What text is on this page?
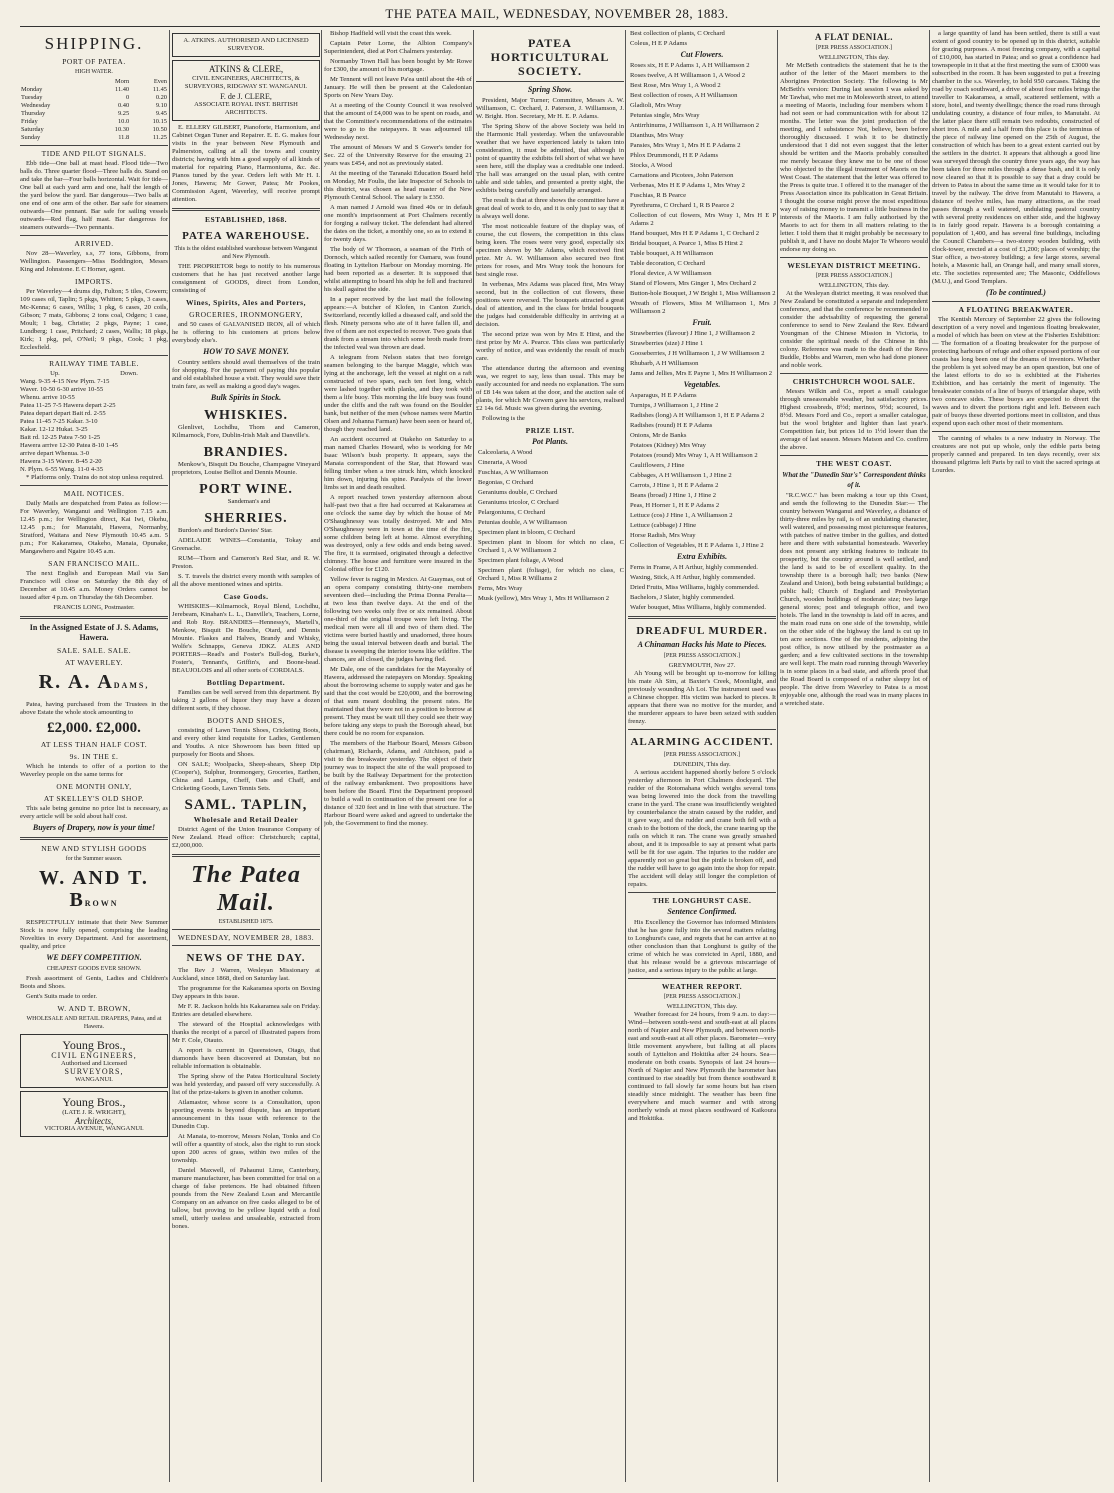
THE PATEA MAIL, WEDNESDAY, NOVEMBER 28, 1883.
SHIPPING.
PORT OF PATEA.
HIGH WATER.
	Morn	Even
Monday	11.40	11.45
Tuesday	0	0.20
Wednesday	0.40	9.10
Thursday	9.25	9.45
Friday	10.0	10.15
Saturday	10.30	10.50
Sunday	11.8	11.25
TIDE AND PILOT SIGNALS.

Ebb tide—One ball at mast head. Flood tide—Two balls do. Three quarter flood—Three balls do. Stand on and take the bar—Four balls horizontal. Wait for tide—One ball at each yard arm and one, half the length of the yard below the yard. Bar dangerous—Two balls at one end of one arm of the other. Bar safe for steamers outwards—One pennant. Bar safe for sailing vessels outwards—Red flag, half mast. Bar dangerous for steamers outwards—Two pennants.

ARRIVED.

Nov 28—Waverley, s.s, 77 tons, Gibbons, from Wellington. Passengers—Miss Boddington, Messrs King and Johnstone. E C Horner, agent.

IMPORTS.

Per Waverley—4 drums dip, Fulton; 5 tiles, Cowern; 109 cases oil, Taplin; 5 pkgs, Whitten; 5 pkgs, 3 cases, Mc-Kenna; 6 cases, Willis; 1 pkg, 6 cases, 20 coils, Gibson; 7 mats, Gibbons; 2 tons coal, Odgers; 1 case, Moult; 1 bag, Christie; 2 pkgs, Payne; 1 case, Lundberg; 1 case, Pritchard; 2 cases, Wallis; 18 pkgs, Kirk; 1 pkg, pel, O'Neil; 9 pkgs, Cook; 1 pkg, Ecclesfield.

RAILWAY TIME TABLE.
Up.	Down.
Wang. 9-35 4-15 New Plym. 7-15
Waver. 10-50 6-30 arrive 10-55
Whenu. arrive 10-55
Patea 11-25 7-5 Hawera depart 2-25
Patea depart depart Bait rd. 2-55
Patea 11-45 7-25 Kakar. 3-10
Kakar. 12-12 Hukat. 3-25
Bait rd. 12-25 Patea 7-50 1-25
Hawera arrive 12-30 Patea 8-10 1-45
arrive depart Whenua. 3-0
Hawera 3-15 Waver. 8-45 2-20
N. Plym. 6-55 Wang. 11-0 4-35

* Platforms only. Trains do not stop unless required.

MAIL NOTICES.

Daily Mails are despatched from Patea as follow:—For Waverley, Wanganui and Wellington 7.15 a.m. 12.45 p.m.; for Wellington direct, Kai Iwi, Okehu, 12.45 p.m.; for Manutahi, Hawera, Normanby, Stratford, Waitara and New Plymouth 10.45 a.m. 5 p.m.; For Kakaramea, Otakeho, Manaia, Opunake, Mangawhero and Ngaire 10.45 a.m.

SAN FRANCISCO MAIL.

The next English and European Mail via San Francisco will close on Saturday the 8th day of December at 10.45 a.m. Money Orders cannot be issued after 4 p.m. on Thursday the 6th December.

FRANCIS LONG, Postmaster.
In the Assigned Estate of J. S. Adams, Hawera.
SALE. SALE. SALE.
AT WAVERLEY.
R. A. ADAMS,

Patea, having purchased from the Trustees in the above Estate the whole stock amounting to

£2,000. £2,000.
AT LESS THAN HALF COST.
9s. IN THE £.

Which he intends to offer of a portion to the Waverley people on the same terms for

ONE MONTH ONLY,
AT SKELLEY'S OLD SHOP.

This sale being genuine no price list is necessary, as every article will be sold about half cost.

Buyers of Drapery, now is your time!
NEW AND STYLISH GOODS
for the Summer season.
W. AND T. BROWN

RESPECTFULLY intimate that their New Summer Stock is now fully opened, comprising the leading Novelties in every Department. And for assortment, quality, and price

WE DEFY COMPETITION.
CHEAPEST GOODS EVER SHOWN.

Fresh assortment of Gents, Ladies and Children's Boots and Shoes.

Gent's Suits made to order.

W. AND T. BROWN,
WHOLESALE AND RETAIL DRAPERS, Patea, and at Hawera.
Young Bros.,
CIVIL ENGINEERS,
Authorised and Licensed
SURVEYORS,
WANGANUI.
Young Bros.,
(LATE J. R. WRIGHT),
Architects,
VICTORIA AVENUE, WANGANUI.
A. ATKINS. AUTHORISED AND LICENSED SURVEYOR.
ATKINS & CLERE,
CIVIL ENGINEERS, ARCHITECTS, & SURVEYORS, RIDGWAY ST. WANGANUI.
F. de J. CLERE,
ASSOCIATE ROYAL INST. BRITISH ARCHITECTS.

E. ELLERY GILBERT, Pianoforte, Harmonium, and Cabinet Organ Tuner and Repairer. E. E. G. makes four visits in the year between New Plymouth and Palmerston, calling at all the towns and country districts; having with him a good supply of all kinds of material for repairing Piano, Harmoniums, &c. &c. Pianos tuned by the year. Orders left with Mr H. I. Jones, Hawera; Mr Gower, Patea; Mr Pookes, Commission Agent, Waverley, will receive prompt attention.

ESTABLISHED, 1868.
PATEA WAREHOUSE.
This is the oldest established warehouse between Wanganui and New Plymouth.

THE PROPRIETOR begs to notify to his numerous customers that he has just received another large consignment of GOODS, direct from London, consisting of

Wines, Spirits, Ales and Porters,
GROCERIES, IRONMONGERY,

and 50 cases of GALVANISED IRON, all of which he is offering to his customers at prices below everybody else's.

HOW TO SAVE MONEY.

Country settlers should avail themselves of the train for shopping. For the payment of paying this popular and old established house a visit. They would save their train fare, as well as making a good day's wages.

Bulk Spirits in Stock.
WHISKIES.

Glenlivet, Lochdhu, Thom and Cameron, Kilmarnock, Fore, Dublin-Irish Malt and Danville's.

BRANDIES.

Menkow's, Bisquit Du Bouche, Champagne Vineyard proprietors, Louise Belliot and Dennis Mounie.

PORT WINE.

Sandeman's and

SHERRIES.

Burdon's and Burdon's Davies' Star.

ADELAIDE WINES—Constantia, Tokay and Greenache.

RUM—Thorn and Cameron's Red Star, and R. W. Preston.

S. T. travels the district every month with samples of all the above mentioned wines and spirits.

Case Goods.

WHISKIES—Kilmarnock, Royal Blend, Lochdhu, Jerebeam, Kinahan's L. L., Danville's, Teachers, Lorne, and Rob Roy. BRANDIES—Hennessy's, Martell's, Menkow, Bisquit De Bouche, Otard, and Dennis Mounie. Flaskes and Halves, Brandy and Whisky, Wolfe's Schnapps, Geneva JDKZ. ALES AND PORTERS—Read's and Foster's Bull-dog, Burke's, Foster's, Tennant's, Griffin's, and Boone-head. BEAUJOLOIS and all other sorts of CORDIALS.

Bottling Department.

Families can be well served from this department. By taking 2 gallons of liquor they may have a dozen different sorts, if they choose.

BOOTS AND SHOES,

consisting of Lawn Tennis Shoes, Cricketing Boots, and every other kind requisite for Ladies, Gentlemen and Youths. A nice Showroom has been fitted up purposely for Boots and Shoes.

ON SALE; Woolpacks, Sheep-shears, Sheep Dip (Cooper's), Sulphur, Ironmongery, Groceries, Earthen, China and Lamps, Cheff, Oats and Chaff, and Cricketing Goods, Lawn Tennis Sets.

SAML. TAPLIN,
Wholesale and Retail Dealer

District Agent of the Union Insurance Company of New Zealand. Head office: Christchurch; capital, £2,000,000.

The Patea Mail.
ESTABLISHED 1875.
WEDNESDAY, NOVEMBER 28, 1883.
NEWS OF THE DAY.

The Rev J Warren, Wesleyan Missionary at Auckland, since 1868, died on Saturday last.

The programme for the Kakaramea sports on Boxing Day appears in this issue.

Mr F. R. Jackson holds his Kakaramea sale on Friday. Entries are detailed elsewhere.

The steward of the Hospital acknowledges with thanks the receipt of a parcel of illustrated papers from Mr F. Cole, Otauto.

A report is current in Queenstown, Otago, that diamonds have been discovered at Dunstan, but no reliable information is obtainable.

The Spring show of the Patea Horticultural Society was held yesterday, and passed off very successfully. A list of the prize-takers is given in another column.

Atlamastor, whose score is a Consultation, upon sporting events is beyond dispute, has an important announcement in this issue with reference to the Dunedin Cup.

At Manaia, to-morrow, Messrs Nolan, Tonks and Co will offer a quantity of stock, also the right to run stock upon 200 acres of grass, within two miles of the township.

Daniel Maxwell, of Pahaunui Lime, Canterbury, manure manufacturer, has been committed for trial on a charge of false pretences. He had obtained fifteen pounds from the New Zealand Loan and Mercantile Company on an advance on five casks alleged to be of tallow, but proving to be yellow liquid with a foul smell, utterly useless and unsaleable, extracted from bones.

Bishop Hadfield will visit the coast this week.

Captain Peter Lorne, the Albion Company's Superintendent, died at Port Chalmers yesterday.

Normanby Town Hall has been bought by Mr Rowe for £300, the amount of his mortgage.

Mr Tennent will not leave Pa'ea until about the 4th of January. He will then be present at the Caledonian Sports on New Years Day.

At a meeting of the County Council it was resolved that the amount of £4,000 was to be spent on roads, and that the Committee's recommendations of the estimates were to go to the ratepayers. It was adjourned till Wednesday next.

The amount of Messrs W and S Gower's tender for Sec. 22 of the University Reserve for the ensuing 21 years was £454, and not as previously stated.

At the meeting of the Taranaki Education Board held on Monday, Mr Foulis, the late Inspector of Schools in this district, was chosen as head master of the New Plymouth Central School. The salary is £350.

A man named J Arnold was fined 40s or in default one month's imprisonment at Port Chalmers recently for forging a railway ticket. The defendant had altered the dates on the ticket, a monthly one, so as to extend it for twenty days.

The body of W Thomson, a seaman of the Firth of Dornoch, which sailed recently for Oamaru, was found floating in Lyttelton Harbour on Monday morning. He had been reported as a deserter. It is supposed that whilst attempting to board his ship he fell and fractured his skull against the side.

In a paper received by the last mail the following appears:—A butcher of Klofen, in Canton Zurich, Switzerland, recently killed a diseased calf, and sold the flesh. Ninety persons who ate of it have fallen ill, and five of them are not expected to recover. Two goats that drank from a stream into which some broth made from the infected veal was thrown are dead.

A telegram from Nelson states that two foreign seamen belonging to the barque Maggie, which was lying at the anchorage, left the vessel at night on a raft constructed of two spars, each ten feet long, which were lashed together with planks, and they took with them a life buoy. This morning the life buoy was found under the cliffs and the raft was found on the Boulder bank, but neither of the men (whose names were Martin Olsen and Johanna Farman) have been seen or heard of, though they reached land.

An accident occurred at Otakeho on Saturday to a man named Charles Howard, who is working for Mr Isaac Wilson's bush property. It appears, says the Manaia correspondent of the Star, that Howard was felling timber when a tree struck him, which knocked him down, injuring his spine. Paralysis of the lower limbs set in and death resulted.

A report reached town yesterday afternoon about half-past two that a fire had occurred at Kakaramea at one o'clock the same day by which the house of Mr O'Shaughnessy was totally destroyed. Mr and Mrs O'Shaughnessy were in town at the time of the fire, some children being left at home. Almost everything was destroyed, only a few odds and ends being saved. The fire, it is surmised, originated through a defective chimney. The house and furniture were insured in the Colonial office for £120.

Yellow fever is raging in Mexico. At Guaymas, out of an opera company consisting thirty-one members seventeen died—including the Prima Donna Peralta—at two less than twelve days. At the end of the following two weeks only five or six remained. About one-third of the original troupe were left living. The medical men were all ill and two of them died. The victims were buried hastily and unadorned, three hours being the usual interval between death and burial. The disease is sweeping the interior towns like wildfire. The chances, are all closed, the judges having fled.

Mr Dale, one of the candidates for the Mayoralty of Hawera, addressed the ratepayers on Monday. Speaking about the borrowing scheme to supply water and gas he said that the cost would be £20,000, and the borrowing of that sum meant doubling the present rates. He maintained that they were not in a position to borrow at present. They must be wait till they could see their way before taking any steps to push the Borough ahead, but there could be no room for expansion.

The members of the Harbour Board, Messrs Gibson (chairman), Richards, Adams, and Aitchison, paid a visit to the breakwater yesterday. The object of their journey was to inspect the site of the wall proposed to be built by the Railway Department for the protection of the railway embankment. Two propositions have been before the Board. First the Department proposed to build a wall in continuation of the present one for a distance of 320 feet and in line with that structure. The Harbour Board were asked and agreed to undertake the job, the Government to find the money.

PATEA HORTICULTURAL SOCIETY.
Spring Show.

President, Major Turner; Committee, Messrs A. W. Williamson, C. Orchard, J. Paterson, J. Williamson, J. W. Bright. Hon. Secretary, Mr H. E. P. Adams.

The Spring Show of the above Society was held in the Harmonic Hall yesterday. When the unfavourable weather that we have experienced lately is taken into consideration, it must be admitted, that although in point of quantity the exhibits fell short of what we have seen here, still the display was a creditable one indeed. The hall was arranged on the usual plan, with centre table and side tables, and presented a pretty sight, the exhibits being carefully and tastefully arranged.

The result is that at three shows the committee have a great deal of work to do, and it is only just to say that it is always well done.

The most noticeable feature of the display was, of course, the cut flowers, the competition in this class being keen. The roses were very good, especially six specimen shown by Mr Adams, which received first prize. Mr A. W. Williamson also secured two first prizes for roses, and Mrs Wray took the honours for best single rose.

In verbenas, Mrs Adams was placed first, Mrs Wray second, but in the collection of cut flowers, these positions were reversed. The bouquets attracted a great deal of attention, and in the class for bridal bouquets the judges had considerable difficulty in arriving at a decision.

The second prize was won by Mrs E Hirst, and the first prize by Mr A. Pearce. This class was particularly worthy of notice, and was evidently the result of much care.

The attendance during the afternoon and evening was, we regret to say, less than usual. This may be easily accounted for and needs no explanation. The sum of £8 14s was taken at the door, and the auction sale of plants, for which Mr Cowern gave his services, realised £2 14s 6d. Music was given during the evening.

Following is the

PRIZE LIST.
Pot Plants.

Calceolaria, A Wood

Cineraria, A Wood

Fuschias, A W Williamson

Begonias, C Orchard

Geraniums double, C Orchard

Geraniums tricolor, C Orchard

Pelargoniums, C Orchard

Petunias double, A W Williamson

Specimen plant in bloom, C Orchard

Specimen plant in bloom for which no class, C Orchard 1, A W Williamson 2

Specimen plant foliage, A Wood

Specimen plant (foliage), for which no class, C Orchard 1, Miss R Williams 2

Ferns, Mrs Wray

Musk (yellow), Mrs Wray 1, Mrs H Williamson 2

Best collection of plants, C Orchard

Coleus, H E P Adams

Cut Flowers.

Roses six, H E P Adams 1, A H Williamson 2

Roses twelve, A H Williamson 1, A Wood 2

Best Rose, Mrs Wray 1, A Wood 2

Best collection of roses, A H Williamson

Gladioli, Mrs Wray

Petunias single, Mrs Wray

Antirrhinums, J Williamson 1, A H Williamson 2

Dianthus, Mrs Wray

Pansies, Mrs Wray 1, Mrs H E P Adams 2

Phlox Drummondi, H E P Adams

Stocks, A Wood

Carnations and Picotees, John Paterson

Verbenas, Mrs H E P Adams 1, Mrs Wray 2

Fuschias, R B Pearce

Pyrethrums, C Orchard 1, R B Pearce 2

Collection of cut flowers, Mrs Wray 1, Mrs H E P Adams 2

Hand bouquet, Mrs H E P Adams 1, C Orchard 2

Bridal bouquet, A Pearce 1, Miss B Hirst 2

Table bouquet, A H Williamson

Table decoration, C Orchard

Floral device, A W Williamson

Stand of Flowers, Mrs Ginger 1, Mrs Orchard 2

Button-hole Bouquet, J W Bright 1, Miss Williamson 2

Wreath of Flowers, Miss M Williamson 1, Mrs J Williamson 2

Fruit.

Strawberries (flavour) J Hine 1, J Williamson 2

Strawberries (size) J Hine 1

Gooseberries, J H Williamson 1, J W Williamson 2

Rhubarb, A H Williamson

Jams and Jellies, Mrs E Payne 1, Mrs H Williamson 2

Vegetables.

Asparagus, H E P Adams

Turnips, J Williamson 1, J Hine 2

Radishes (long) A H Williamson 1, H E P Adams 2

Radishes (round) H E P Adams

Onions, Mr de Banks

Potatoes (Kidney) Mrs Wray

Potatoes (round) Mrs Wray 1, A H Williamson 2

Cauliflowers, J Hine

Cabbages, A H Williamson 1, J Hine 2

Carrots, J Hine 1, H E P Adams 2

Beans (broad) J Hine 1, J Hine 2

Peas, H Horner 1, H E P Adams 2

Lettuce (cos) J Hine 1, A Williamson 2

Lettuce (cabbage) J Hine

Horse Radish, Mrs Wray

Collection of Vegetables, H E P Adams 1, J Hine 2

Extra Exhibits.

Ferns in Frame, A H Arthur, highly commended.

Waxing, Stick, A H Arthur, highly commended.

Dried Fruits, Miss Williams, highly commended.

Bachelors, J Slater, highly commended.

Wafer bouquet, Miss Williams, highly commended.

DREADFUL MURDER.
A Chinaman Hacks his Mate to Pieces.
[PER PRESS ASSOCIATION.]
GREYMOUTH, Nov 27.

Ah Young will be brought up to-morrow for killing his mate Ah Sim, at Baxter's Creek, Moonlight, and previously wounding Ah Loi. The instrument used was a Chinese chopper. His victim was hacked to pieces. It appears that there was no motive for the murder, and the murderer appears to have been seized with sudden frenzy.

ALARMING ACCIDENT.
[PER PRESS ASSOCIATION.]
DUNEDIN, This day.

A serious accident happened shortly before 5 o'clock yesterday afternoon in Port Chalmers dockyard. The rudder of the Rotomahana which weighs several tons was being lowered into the dock from the travelling crane in the yard. The crane was insufficiently weighted by counterbalance the strain caused by the rudder, and it gave way, and the rudder and crane both fell with a crash to the bottom of the dock, the crane tearing up the rails on which it ran. The crane was greatly smashed about, and it is impossible to say at present what parts will be fit for use again. The injuries to the rudder are apparently not so great but the pintle is broken off, and the rudder will have to go again into the shop for repair. The accident will delay still longer the completion of repairs.

THE LONGHURST CASE.
Sentence Confirmed.

His Excellency the Governor has informed Ministers that he has gone fully into the several matters relating to Longhurst's case, and regrets that he can arrive at no other conclusion than that Longhurst is guilty of the crime of which he was convicted in April, 1880, and that his release would be a grievous miscarriage of justice, and a serious injury to the public at large.

WEATHER REPORT.
[PER PRESS ASSOCIATION.]
WELLINGTON, This day.

Weather forecast for 24 hours, from 9 a.m. to day:—Wind—between south-west and south-east at all places north of Napier and New Plymouth, and between north-east and south-east at all other places. Barometer—very little movement anywhere, but falling at all places south of Lyttelton and Hokitika after 24 hours. Sea—moderate on both coasts. Synopsis of last 24 hours—North of Napier and New Plymouth the barometer has continued to rise steadily but from thence southward it continued to fall slowly far some hours but has risen steadily since midnight. The weather has been fine everywhere and much warmer and with strong northerly winds at most places southward of Kaikoura and Hokitika.

A FLAT DENIAL.
[PER PRESS ASSOCIATION.]
WELLINGTON, This day.

Mr McBeth contradicts the statement that he is the author of the letter of the Maori members to the Aborigines Protection Society. The following is Mr McBeth's version: During last session I was asked by Mr Tawhai, who met me in Molesworth street, to attend a meeting of Maoris, including four members whom I had not seen or had communication with for about 12 months. The letter was the joint production of the meeting, and I subsistence Not, believe, been before thoroughly discussed. I wish it to be distinctly understood that I did not even suggest that the letter should be written and the Maoris probably consulted me merely because they knew me to be one of those who objected to the illegal treatment of Maoris on the West Coast. The statement that the letter was offered to the Press is quite true. I offered it to the manager of the Press Association since its publication in Great Britain. I thought the course might prove the most expeditious way of raising money to transmit a little business in the interests of the Maoris. I am fully authorised by the Maoris to act for them in all matters relating to the letter. I told them that it might probably be necessary to publish it, and I have no doubt Major Te Wheoro would endorse my doing so.

WESLEYAN DISTRICT MEETING.
[PER PRESS ASSOCIATION.]
WELLINGTON, This day.

At the Wesleyan district meeting, it was resolved that New Zealand be constituted a separate and independent conference, and that the conference be recommended to consider the advisability of requesting the general conference to send to New Zealand the Rev. Edward Youngman of the Chinese Mission in Victoria, to consider the spiritual needs of the Chinese in this colony. Reference was made to the death of the Revs Buddle, Hobbs and Warren, men who had done pioneer and noble work.

CHRISTCHURCH WOOL SALE.

Messrs Wilkin and Co., report a small catalogue through unseasonable weather, but satisfactory prices. Highest crossbreds, 8½d; merinos, 9½d; scoured, 1s 8½d. Messrs Ford and Co., report a smaller catalogue, but the wool brighter and lighter than last year's. Competition fair, but prices 1d to 1½d lower than the average of last season. Messrs Matson and Co. confirm the above.

THE WEST COAST.
What the "Dunedin Star's" Correspondent thinks of it.

"R.C.W.C." has been making a tour up this Coast, and sends the following to the Dunedin Star:— The country between Wanganui and Waverley, a distance of thirty-three miles by rail, is of an undulating character, well watered, and possessing most picturesque features, with patches of native timber in the gullies, and dotted here and there with substantial homesteads. Waverley does not present any striking features to indicate its prosperity, but the country around is well settled, and the land is said to be of excellent quality. In the township there is a borough hall; two banks (New Zealand and Union), both being substantial buildings; a public hall; Church of England and Presbyterian Church, wooden buildings of moderate size; two large general stores; post and telegraph office, and two hotels. The land in the township is laid off in acres, and the main road runs on one side of the township, while on the other side of the highway the land is cut up in ten acre sections. One of the residents, adjoining the post office, is now utilised by the postmaster as a garden; and a few cultivated sections in the township are well kept. The main road running through Waverley is in some places in a bad state, and affords proof that the Road Board is composed of a rather sleepy lot of people. The drive from Waverley to Patea is a most enjoyable one, although the road was in many places in a wretched state.

a large quantity of land has been settled, there is still a vast extent of good country to be opened up in this district, suitable for grazing purposes. A most freezing company, with a capital of £10,000, has started in Patea; and so great a confidence had townspeople in it that at the first meeting the sum of £3000 was subscribed in the room. It has been suggested to put a freezing chamber in the s.s. Waverley, to hold 950 carcases. Taking the road by coach southward, a drive of about four miles brings the traveller to Kakaramea, a small, scattered settlement, with a store, hotel, and twenty dwellings; thence the road runs through undulating country, a distance of four miles, to Manutahi. At the latter place there still remain two redoubts, constructed of short iron. A mile and a half from this place is the terminus of the piece of railway line opened on the 25th of August, the construction of which has been to a great extent carried out by the settlers in the district. It appears that although a good line was surveyed through the country three years ago, the way has been taken for three miles through a dense bush, and it is only now cleared so that it is possible to say that a dray could be driven to Patea in about the same time as it would take for it to travel by the railway. The drive from Manutahi to Hawera, a distance of twelve miles, has many attractions, as the road passes through a well watered, undulating pastoral country with several pretty residences on either side, and the highway is in fairly good repair. Hawera is a borough containing a population of 1,400, and has several fine buildings, including the Council Chambers—a two-storey wooden building, with clock-tower, erected at a cost of £1,200; places of worship; the Star office, a two-storey building; a few large stores, several hotels, a Masonic hall, an Orange hall, and many small stores, etc. The societies represented are; The Masonic, Oddfellows (M.U.), and Good Templars.

(To be continued.)
A FLOATING BREAKWATER.

The Kentish Mercury of September 22 gives the following description of a very novel and ingenious floating breakwater, a model of which has been on view at the Fisheries Exhibition:— The formation of a floating breakwater for the purpose of protecting harbours of refuge and other exposed portions of our coasts has long been one of the dreams of inventors. Whether the problem is yet solved may be an open question, but one of the latest efforts to do so is exhibited at the Fisheries Exhibition, and has certainly the merit of ingenuity. The breakwater consists of a line of buoys of triangular shape, with two concave sides. These buoys are expected to divert the waves and to divert the portions right and left. Between each pair of buoys these diverted portions meet in collision, and thus expend upon each other most of their momentum.

The canning of whales is a new industry in Norway. The creatures are not put up whole, only the edible parts being properly canned and prepared. In ten days recently, over six thousand pilgrims left Paris by rail to visit the sacred springs at Lourdes.
